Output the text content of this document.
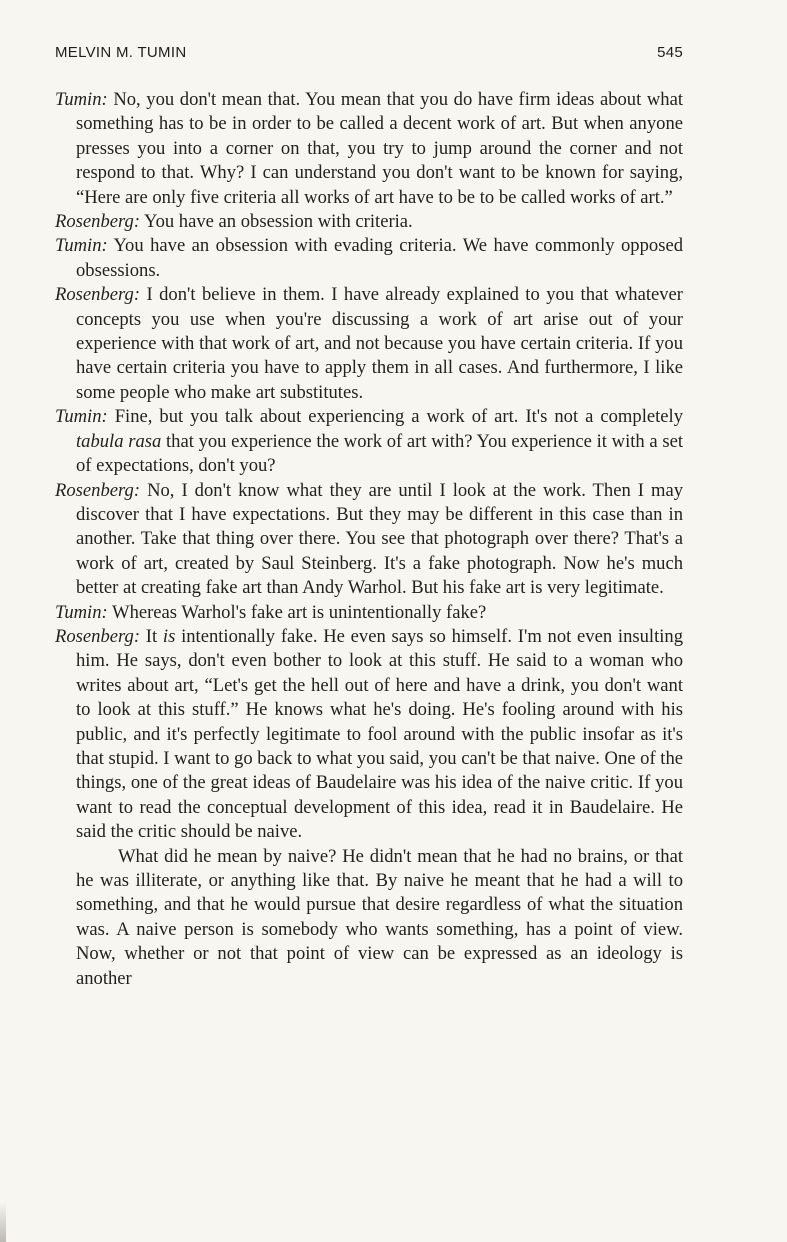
MELVIN M. TUMIN	545

Tumin: No, you don't mean that. You mean that you do have firm ideas about what something has to be in order to be called a decent work of art. But when anyone presses you into a corner on that, you try to jump around the corner and not respond to that. Why? I can understand you don't want to be known for saying, “Here are only five criteria all works of art have to be to be called works of art.”

Rosenberg: You have an obsession with criteria.

Tumin: You have an obsession with evading criteria. We have commonly opposed obsessions.

Rosenberg: I don't believe in them. I have already explained to you that whatever concepts you use when you're discussing a work of art arise out of your experience with that work of art, and not because you have certain criteria. If you have certain criteria you have to apply them in all cases. And furthermore, I like some people who make art substitutes.

Tumin: Fine, but you talk about experiencing a work of art. It's not a completely tabula rasa that you experience the work of art with? You experience it with a set of expectations, don't you?

Rosenberg: No, I don't know what they are until I look at the work. Then I may discover that I have expectations. But they may be different in this case than in another. Take that thing over there. You see that photograph over there? That's a work of art, created by Saul Steinberg. It's a fake photograph. Now he's much better at creating fake art than Andy Warhol. But his fake art is very legitimate.

Tumin: Whereas Warhol's fake art is unintentionally fake?

Rosenberg: It is intentionally fake. He even says so himself. I'm not even insulting him. He says, don't even bother to look at this stuff. He said to a woman who writes about art, “Let's get the hell out of here and have a drink, you don't want to look at this stuff.” He knows what he's doing. He's fooling around with his public, and it's perfectly legitimate to fool around with the public insofar as it's that stupid. I want to go back to what you said, you can't be that naive. One of the things, one of the great ideas of Baudelaire was his idea of the naive critic. If you want to read the conceptual development of this idea, read it in Baudelaire. He said the critic should be naive.

What did he mean by naive? He didn't mean that he had no brains, or that he was illiterate, or anything like that. By naive he meant that he had a will to something, and that he would pursue that desire regardless of what the situation was. A naive person is somebody who wants something, has a point of view. Now, whether or not that point of view can be expressed as an ideology is another
